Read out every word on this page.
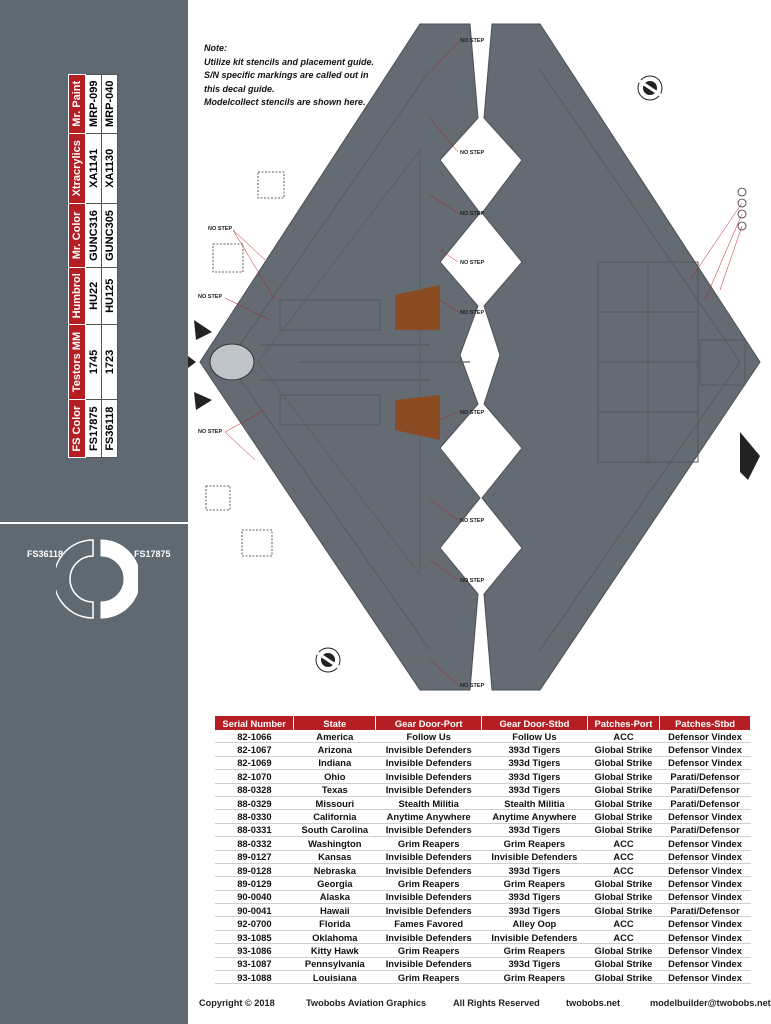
FS Color	Testors MM	Humbrol	Mr. Color	Xtracrylics	Mr. Paint
FS17875	1745	HU22	GUNC316	XA1141	MRP-099
FS36118	1723	HU125	GUNC305	XA1130	MRP-040
FS36118	FS17875
Note:
Utilize kit stencils and placement guide.
S/N specific markings are called out in
this decal guide.
Modelcollect stencils are shown here.
NO STEP
NO STEP
NO STEP
NO STEP
NO STEP
NO STEP
NO STEP
NO STEP
NO STEP
NO STEP
NO STEP
NO STEP
Serial Number	State	Gear Door-Port	Gear Door-Stbd	Patches-Port	Patches-Stbd
82-1066	America	Follow Us	Follow Us	ACC	Defensor Vindex
82-1067	Arizona	Invisible Defenders	393d Tigers	Global Strike	Defensor Vindex
82-1069	Indiana	Invisible Defenders	393d Tigers	Global Strike	Defensor Vindex
82-1070	Ohio	Invisible Defenders	393d Tigers	Global Strike	Parati/Defensor
88-0328	Texas	Invisible Defenders	393d Tigers	Global Strike	Parati/Defensor
88-0329	Missouri	Stealth Militia	Stealth Militia	Global Strike	Parati/Defensor
88-0330	California	Anytime Anywhere	Anytime Anywhere	Global Strike	Defensor Vindex
88-0331	South Carolina	Invisible Defenders	393d Tigers	Global Strike	Parati/Defensor
88-0332	Washington	Grim Reapers	Grim Reapers	ACC	Defensor Vindex
89-0127	Kansas	Invisible Defenders	Invisible Defenders	ACC	Defensor Vindex
89-0128	Nebraska	Invisible Defenders	393d Tigers	ACC	Defensor Vindex
89-0129	Georgia	Grim Reapers	Grim Reapers	Global Strike	Defensor Vindex
90-0040	Alaska	Invisible Defenders	393d Tigers	Global Strike	Defensor Vindex
90-0041	Hawaii	Invisible Defenders	393d Tigers	Global Strike	Parati/Defensor
92-0700	Florida	Fames Favored	Alley Oop	ACC	Defensor Vindex
93-1085	Oklahoma	Invisible Defenders	Invisible Defenders	ACC	Defensor Vindex
93-1086	Kitty Hawk	Grim Reapers	Grim Reapers	Global Strike	Defensor Vindex
93-1087	Pennsylvania	Invisible Defenders	393d Tigers	Global Strike	Defensor Vindex
93-1088	Louisiana	Grim Reapers	Grim Reapers	Global Strike	Defensor Vindex
Copyright © 2018	Twobobs Aviation Graphics	All Rights Reserved	twobobs.net	modelbuilder@twobobs.net
